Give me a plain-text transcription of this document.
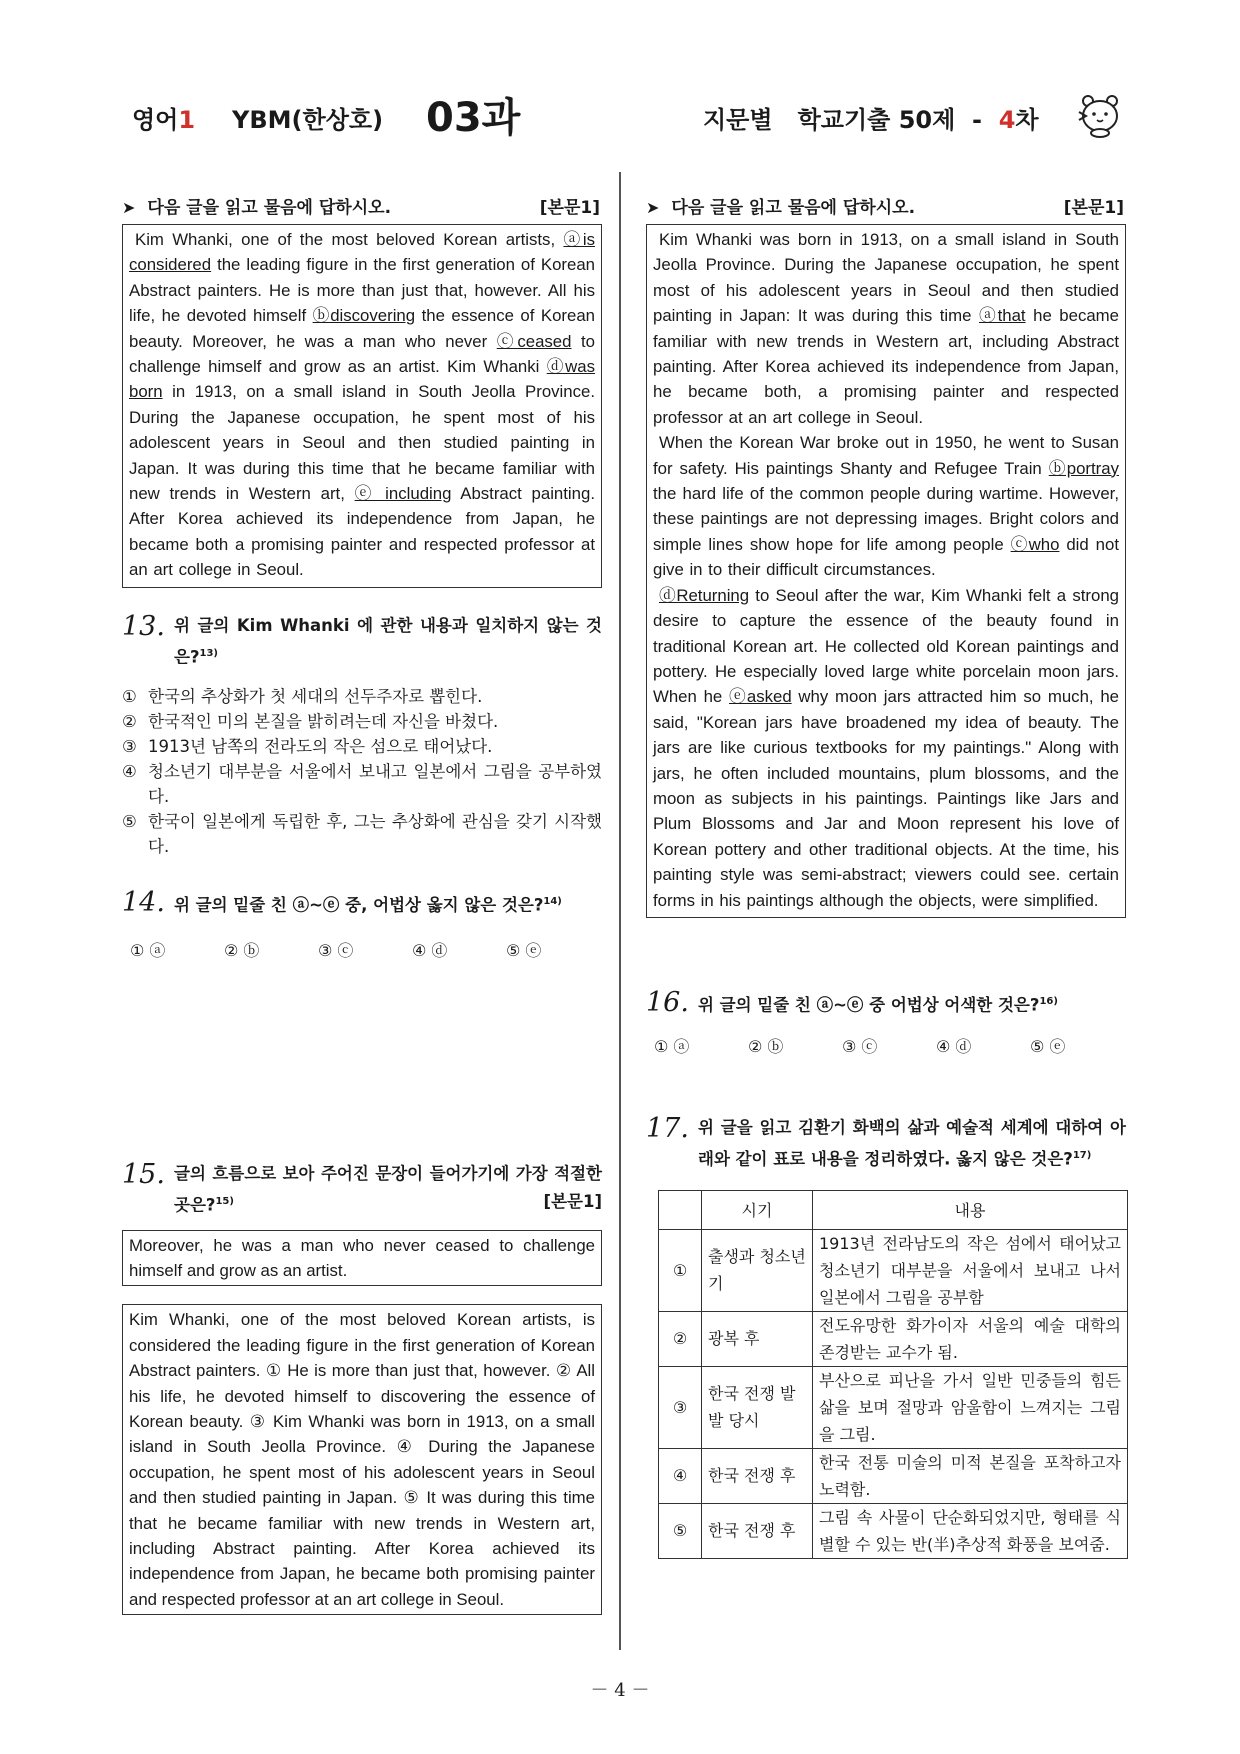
영어1 YBM(한상호) 03과	지문별   학교기출 50제  -  4차
➤ 다음 글을 읽고 물음에 답하시오.	[본문1]

Kim Whanki, one of the most beloved Korean artists, ⓐis considered the leading figure in the first generation of Korean Abstract painters. He is more than just that, however. All his life, he devoted himself ⓑdiscovering the essence of Korean beauty. Moreover, he was a man who never ⓒceased to challenge himself and grow as an artist. Kim Whanki ⓓwas born in 1913, on a small island in South Jeolla Province. During the Japanese occupation, he spent most of his adolescent years in Seoul and then studied painting in Japan. It was during this time that he became familiar with new trends in Western art, ⓔ including Abstract painting. After Korea achieved its independence from Japan, he became both a promising painter and respected professor at an art college in Seoul.

13. 위 글의 Kim Whanki 에 관한 내용과 일치하지 않는 것은?$^{13)}$
① 한국의 추상화가 첫 세대의 선두주자로 뽑힌다.
② 한국적인 미의 본질을 밝히려는데 자신을 바쳤다.
③ 1913년 남쪽의 전라도의 작은 섬으로 태어났다.
④ 청소년기 대부분을 서울에서 보내고 일본에서 그림을 공부하였다.
⑤ 한국이 일본에게 독립한 후, 그는 추상화에 관심을 갖기 시작했다.
14. 위 글의 밑줄 친 ⓐ~ⓔ 중, 어법상 옳지 않은 것은?$^{14)}$
① ⓐ	② ⓑ	③ ⓒ	④ ⓓ	⑤ ⓔ
15. 글의 흐름으로 보아 주어진 문장이 들어가기에 가장 적절한 곳은?$^{15)}$	[본문1]
Moreover, he was a man who never ceased to challenge himself and grow as an artist.
Kim Whanki, one of the most beloved Korean artists, is considered the leading figure in the first generation of Korean Abstract painters. ① He is more than just that, however. ② All his life, he devoted himself to discovering the essence of Korean beauty. ③ Kim Whanki was born in 1913, on a small island in South Jeolla Province. ④ During the Japanese occupation, he spent most of his adolescent years in Seoul and then studied painting in Japan. ⑤ It was during this time that he became familiar with new trends in Western art, including Abstract painting. After Korea achieved its independence from Japan, he became both promising painter and respected professor at an art college in Seoul.
➤ 다음 글을 읽고 물음에 답하시오.	[본문1]

Kim Whanki was born in 1913, on a small island in South Jeolla Province. During the Japanese occupation, he spent most of his adolescent years in Seoul and then studied painting in Japan: It was during this time ⓐthat he became familiar with new trends in Western art, including Abstract painting. After Korea achieved its independence from Japan, he became both, a promising painter and respected professor at an art college in Seoul.

When the Korean War broke out in 1950, he went to Susan for safety. His paintings Shanty and Refugee Train ⓑportray the hard life of the common people during wartime. However, these paintings are not depressing images. Bright colors and simple lines show hope for life among people ⓒwho did not give in to their difficult circumstances.

ⓓReturning to Seoul after the war, Kim Whanki felt a strong desire to capture the essence of the beauty found in traditional Korean art. He collected old Korean paintings and pottery. He especially loved large white porcelain moon jars. When he ⓔasked why moon jars attracted him so much, he said, "Korean jars have broadened my idea of beauty. The jars are like curious textbooks for my paintings." Along with jars, he often included mountains, plum blossoms, and the moon as subjects in his paintings. Paintings like Jars and Plum Blossoms and Jar and Moon represent his love of Korean pottery and other traditional objects. At the time, his painting style was semi-abstract; viewers could see. certain forms in his paintings although the objects, were simplified.

16. 위 글의 밑줄 친 ⓐ~ⓔ 중 어법상 어색한 것은?$^{16)}$
① ⓐ	② ⓑ	③ ⓒ	④ ⓓ	⑤ ⓔ
17. 위 글을 읽고 김환기 화백의 삶과 예술적 세계에 대하여 아래와 같이 표로 내용을 정리하였다. 옳지 않은 것은?$^{17)}$
	시기	내용
①	출생과 청소년기	1913년 전라남도의 작은 섬에서 태어났고 청소년기 대부분을 서울에서 보내고 나서 일본에서 그림을 공부함
②	광복 후	전도유망한 화가이자 서울의 예술 대학의 존경받는 교수가 됨.
③	한국 전쟁 발발 당시	부산으로 피난을 가서 일반 민중들의 힘든 삶을 보며 절망과 암울함이 느껴지는 그림을 그림.
④	한국 전쟁 후	한국 전통 미술의 미적 본질을 포착하고자 노력함.
⑤	한국 전쟁 후	그림 속 사물이 단순화되었지만, 형태를 식별할 수 있는 반(半)추상적 화풍을 보여줌.
－ 4 －
